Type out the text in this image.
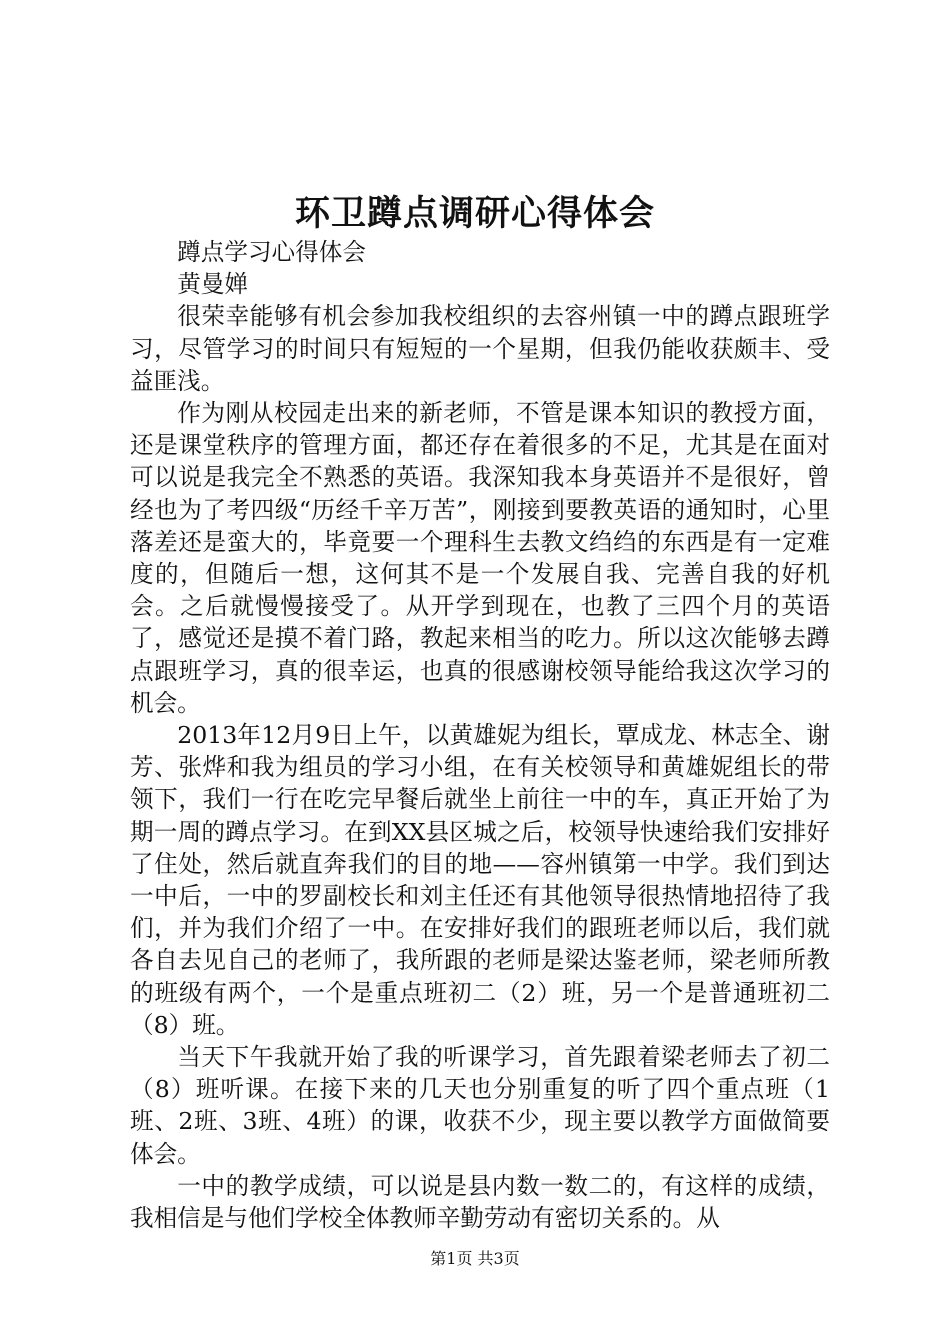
环卫蹲点调研心得体会

蹲点学习心得体会

黄曼婵

很荣幸能够有机会参加我校组织的去容州镇一中的蹲点跟班学习，尽管学习的时间只有短短的一个星期，但我仍能收获颇丰、受益匪浅。

作为刚从校园走出来的新老师，不管是课本知识的教授方面，还是课堂秩序的管理方面，都还存在着很多的不足，尤其是在面对可以说是我完全不熟悉的英语。我深知我本身英语并不是很好，曾经也为了考四级“历经千辛万苦”，刚接到要教英语的通知时，心里落差还是蛮大的，毕竟要一个理科生去教文绉绉的东西是有一定难度的，但随后一想，这何其不是一个发展自我、完善自我的好机会。之后就慢慢接受了。从开学到现在，也教了三四个月的英语了，感觉还是摸不着门路，教起来相当的吃力。所以这次能够去蹲点跟班学习，真的很幸运，也真的很感谢校领导能给我这次学习的机会。

2013年12月9日上午，以黄雄妮为组长，覃成龙、林志全、谢芳、张烨和我为组员的学习小组，在有关校领导和黄雄妮组长的带领下，我们一行在吃完早餐后就坐上前往一中的车，真正开始了为期一周的蹲点学习。在到XX县区城之后，校领导快速给我们安排好了住处，然后就直奔我们的目的地——容州镇第一中学。我们到达一中后，一中的罗副校长和刘主任还有其他领导很热情地招待了我们，并为我们介绍了一中。在安排好我们的跟班老师以后，我们就各自去见自己的老师了，我所跟的老师是梁达鉴老师，梁老师所教的班级有两个，一个是重点班初二（2）班，另一个是普通班初二（8）班。

当天下午我就开始了我的听课学习，首先跟着梁老师去了初二（8）班听课。在接下来的几天也分别重复的听了四个重点班（1班、2班、3班、4班）的课，收获不少，现主要以教学方面做简要体会。

一中的教学成绩，可以说是县内数一数二的，有这样的成绩，我相信是与他们学校全体教师辛勤劳动有密切关系的。从

第1页 共3页
